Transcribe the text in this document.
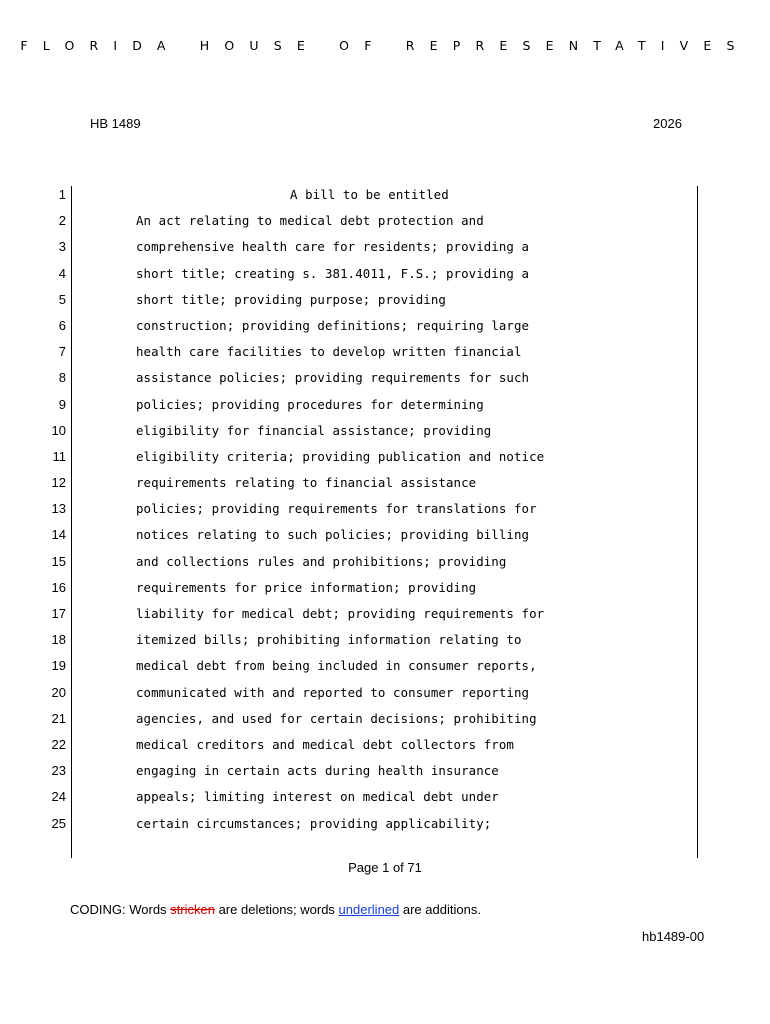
FLORIDA HOUSE OF REPRESENTATIVES
HB 1489	2026
1	A bill to be entitled
2	An act relating to medical debt protection and
3	comprehensive health care for residents; providing a
4	short title; creating s. 381.4011, F.S.; providing a
5	short title; providing purpose; providing
6	construction; providing definitions; requiring large
7	health care facilities to develop written financial
8	assistance policies; providing requirements for such
9	policies; providing procedures for determining
10	eligibility for financial assistance; providing
11	eligibility criteria; providing publication and notice
12	requirements relating to financial assistance
13	policies; providing requirements for translations for
14	notices relating to such policies; providing billing
15	and collections rules and prohibitions; providing
16	requirements for price information; providing
17	liability for medical debt; providing requirements for
18	itemized bills; prohibiting information relating to
19	medical debt from being included in consumer reports,
20	communicated with and reported to consumer reporting
21	agencies, and used for certain decisions; prohibiting
22	medical creditors and medical debt collectors from
23	engaging in certain acts during health insurance
24	appeals; limiting interest on medical debt under
25	certain circumstances; providing applicability;
Page 1 of 71
CODING: Words stricken are deletions; words underlined are additions.
hb1489-00
